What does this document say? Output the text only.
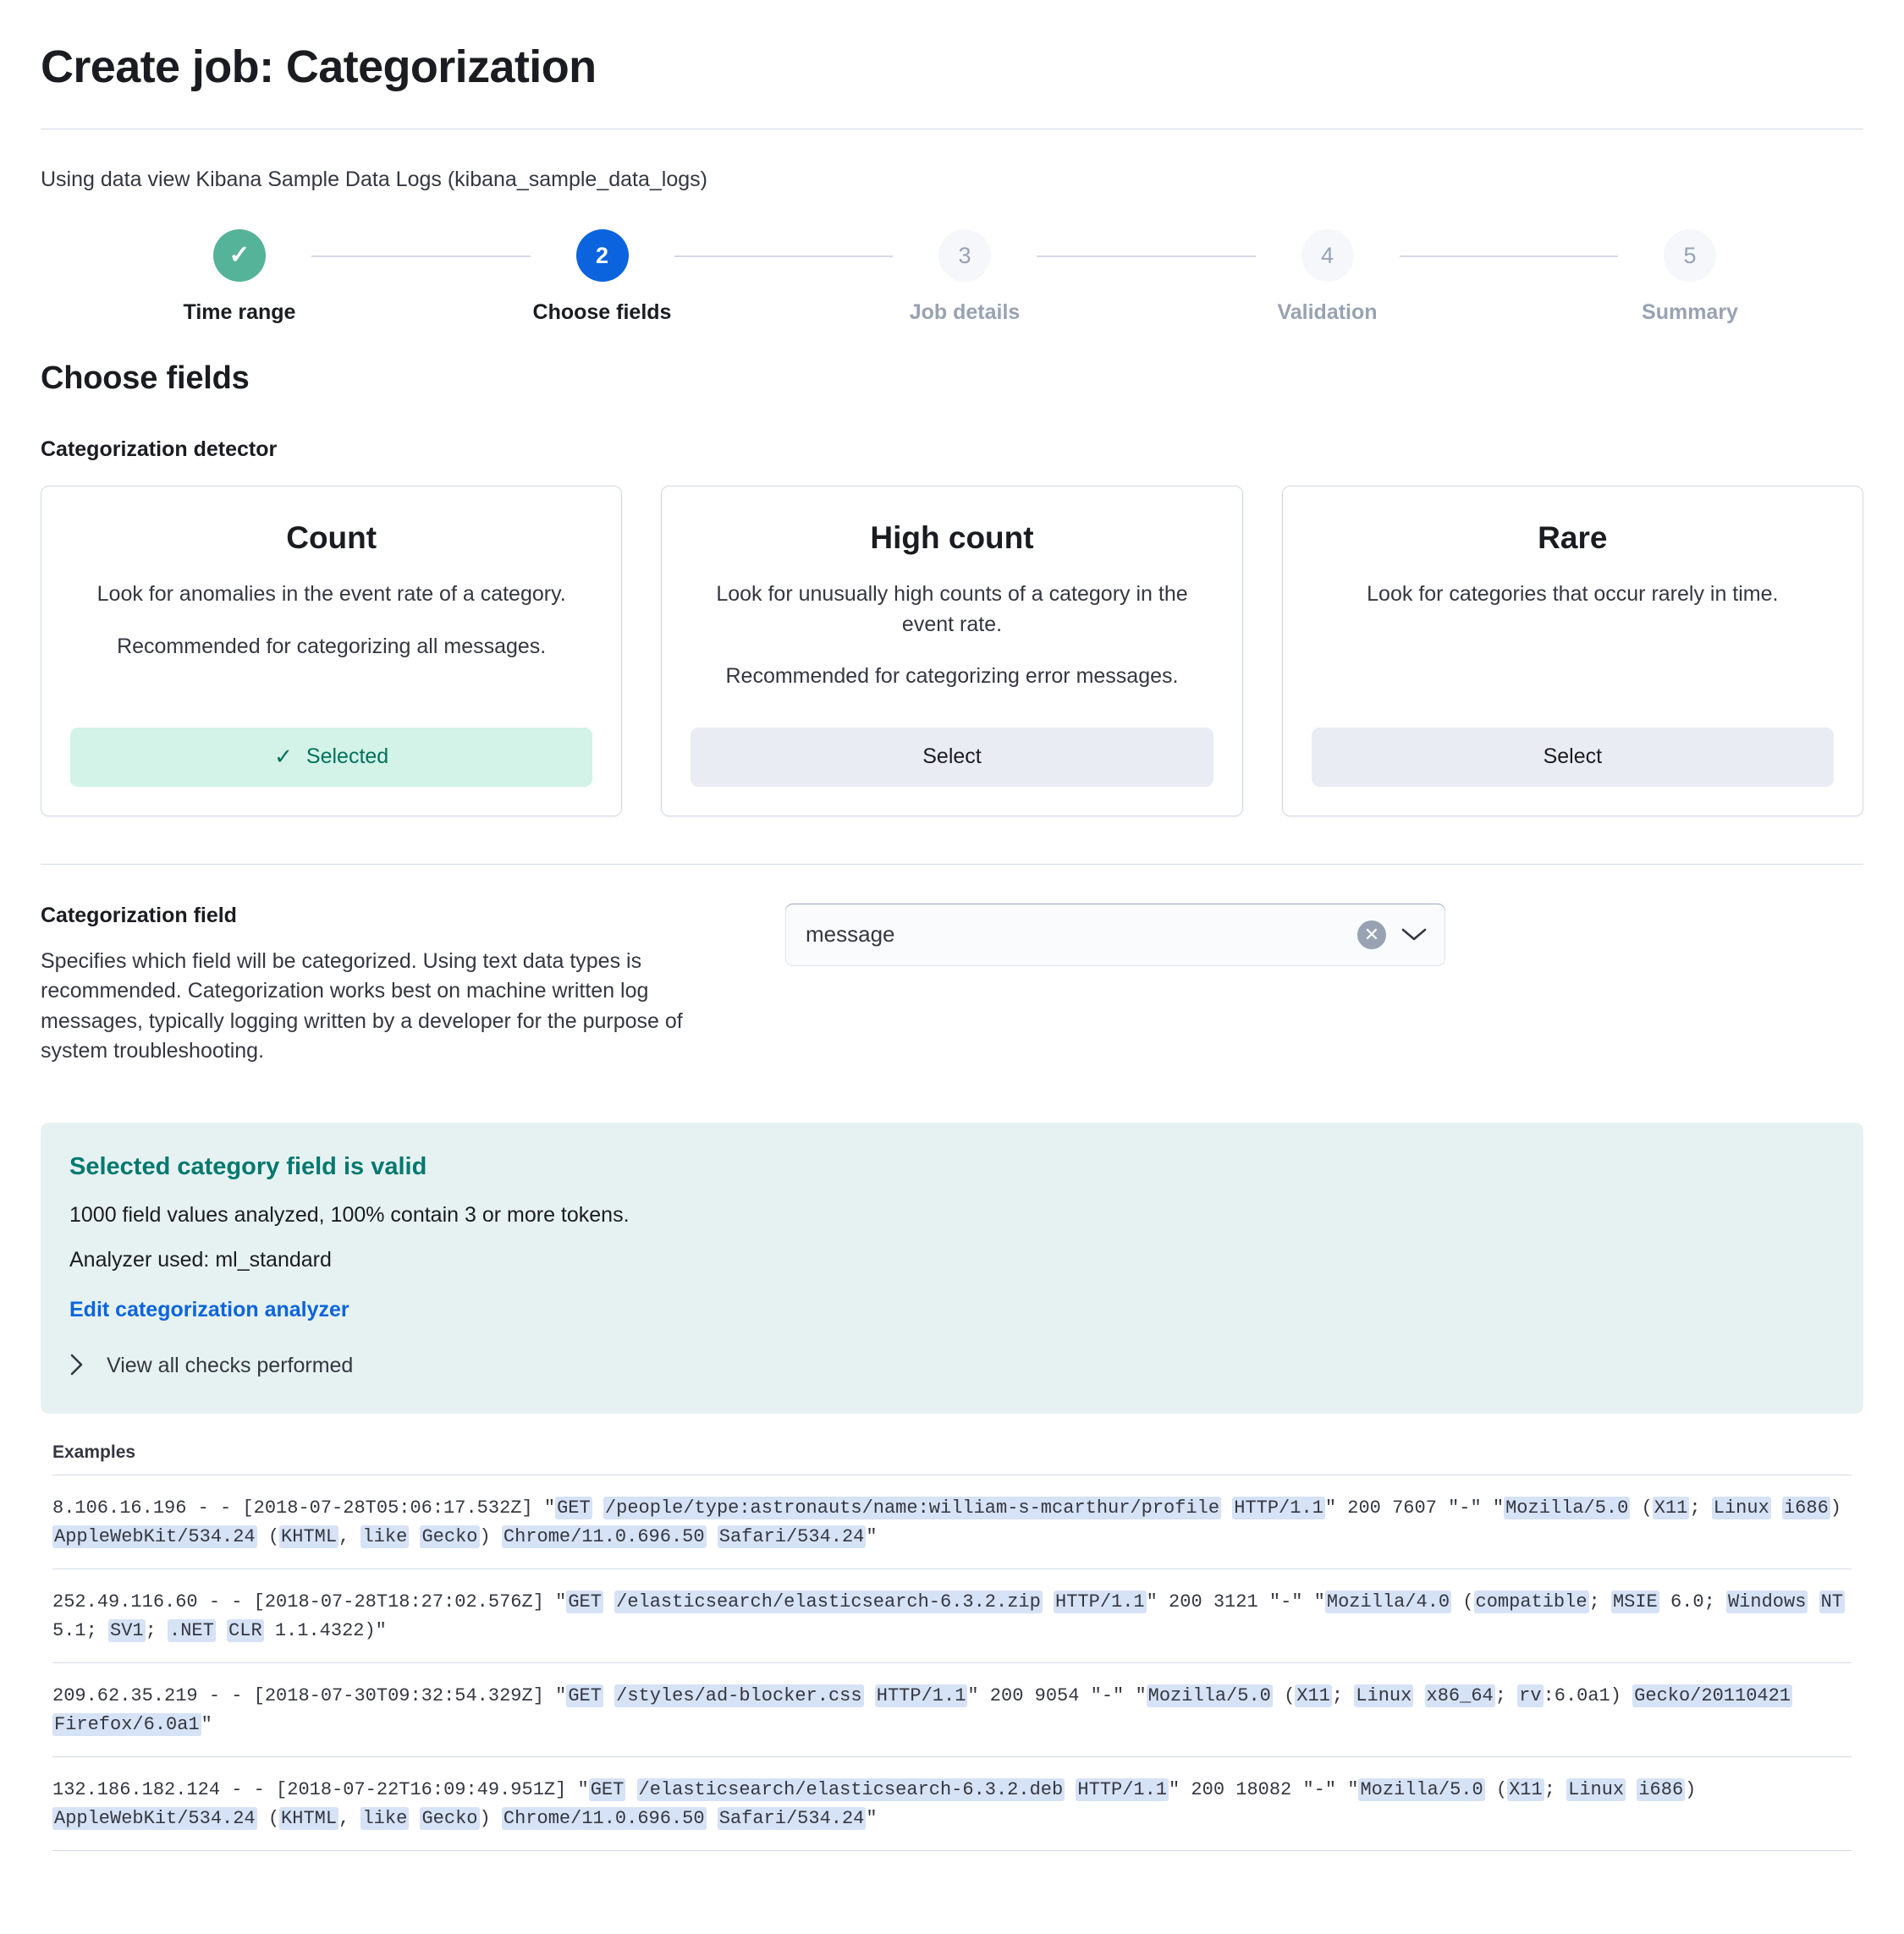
Create job: Categorization
Using data view Kibana Sample Data Logs (kibana_sample_data_logs)
✓
Time range
2
Choose fields
3
Job details
4
Validation
5
Summary
Choose fields
Categorization detector
Count
Look for anomalies in the event rate of a category.
Recommended for categorizing all messages.
✓ Selected
High count
Look for unusually high counts of a category in the event rate.
Recommended for categorizing error messages.
Select
Rare
Look for categories that occur rarely in time.
Select
Categorization field
Specifies which field will be categorized. Using text data types is recommended. Categorization works best on machine written log messages, typically logging written by a developer for the purpose of system troubleshooting.
message	✕
Selected category field is valid
1000 field values analyzed, 100% contain 3 or more tokens.
Analyzer used: ml_standard
Edit categorization analyzer
View all checks performed
Examples
8.106.16.196 - - [2018-07-28T05:06:17.532Z] "GET /people/type:astronauts/name:william-s-mcarthur/profile HTTP/1.1" 200 7607 "-" "Mozilla/5.0 (X11; Linux i686) AppleWebKit/534.24 (KHTML, like Gecko) Chrome/11.0.696.50 Safari/534.24"
252.49.116.60 - - [2018-07-28T18:27:02.576Z] "GET /elasticsearch/elasticsearch-6.3.2.zip HTTP/1.1" 200 3121 "-" "Mozilla/4.0 (compatible; MSIE 6.0; Windows NT 5.1; SV1; .NET CLR 1.1.4322)"
209.62.35.219 - - [2018-07-30T09:32:54.329Z] "GET /styles/ad-blocker.css HTTP/1.1" 200 9054 "-" "Mozilla/5.0 (X11; Linux x86_64; rv:6.0a1) Gecko/20110421 Firefox/6.0a1"
132.186.182.124 - - [2018-07-22T16:09:49.951Z] "GET /elasticsearch/elasticsearch-6.3.2.deb HTTP/1.1" 200 18082 "-" "Mozilla/5.0 (X11; Linux i686) AppleWebKit/534.24 (KHTML, like Gecko) Chrome/11.0.696.50 Safari/534.24"
